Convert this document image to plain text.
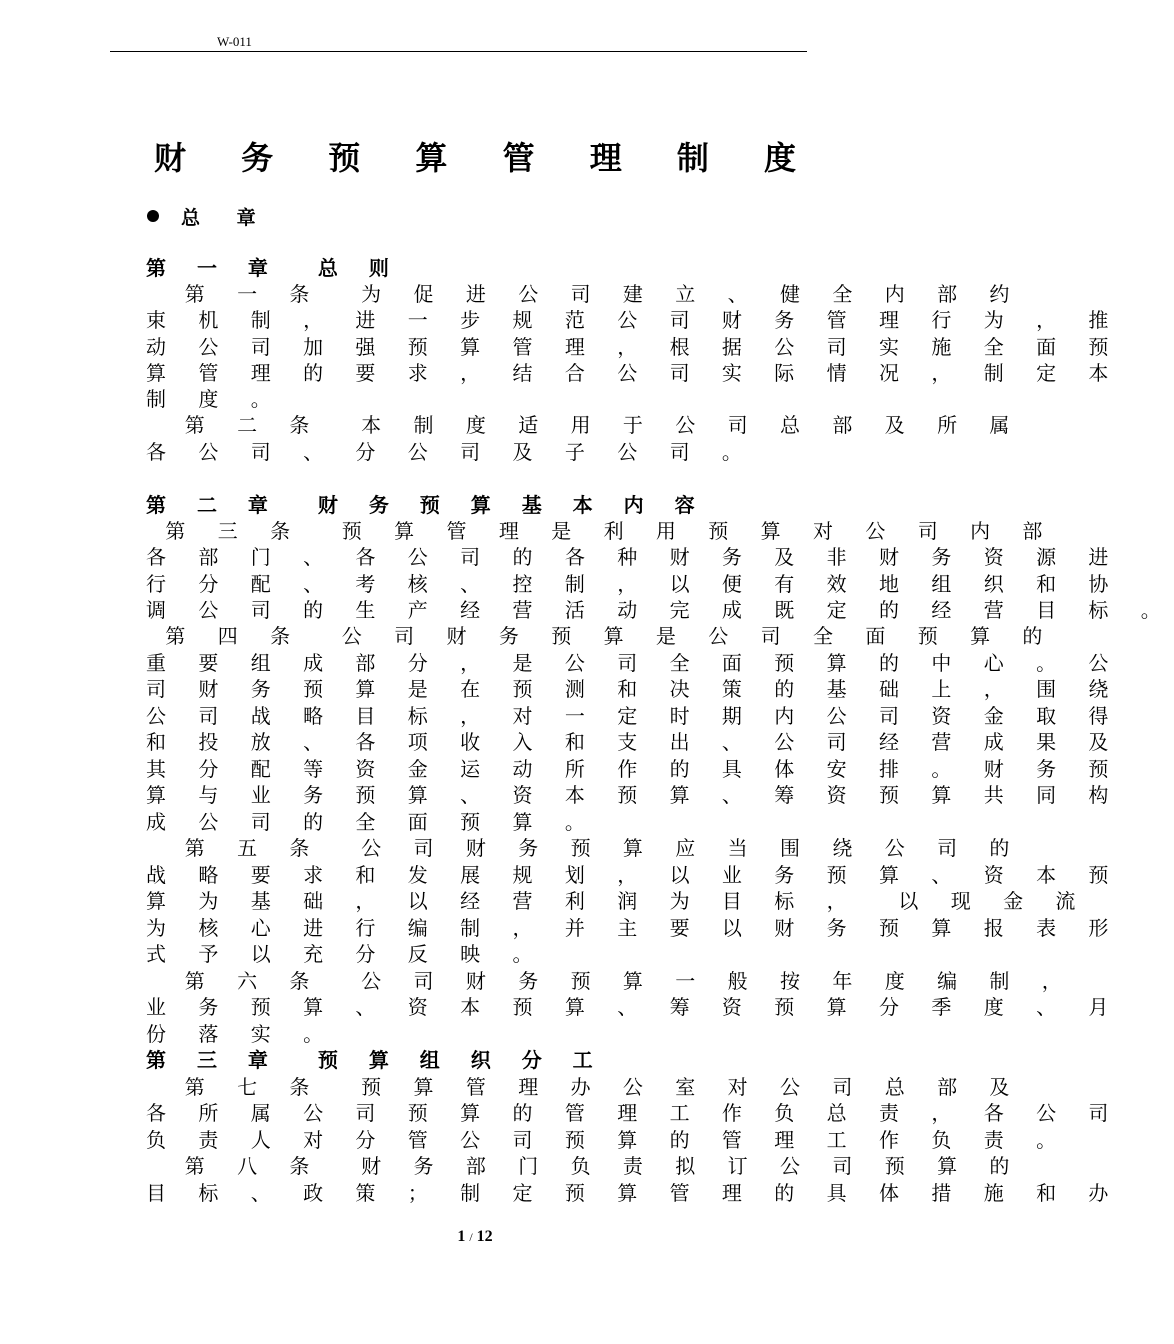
W-011
财 务 预 算 管 理 制 度
总 章
第 一 章  总 则
第 一 条  为 促 进 公 司 建 立 、 健 全 内 部 约
束 机 制 ， 进 一 步 规 范 公 司 财 务 管 理 行 为 ， 推
动 公 司 加 强 预 算 管 理 ， 根 据 公 司 实 施 全 面 预
算 管 理 的 要 求 ， 结 合 公 司 实 际 情 况 ， 制 定 本
制 度 。
第 二 条  本 制 度 适 用 于 公 司 总 部 及 所 属
各 公 司 、 分 公 司 及 子 公 司 。
第 二 章  财 务 预 算 基 本 内 容
第 三 条  预 算 管 理 是 利 用 预 算 对 公 司 内 部
各 部 门 、 各 公 司 的 各 种 财 务 及 非 财 务 资 源 进
行 分 配 、 考 核 、 控 制 ， 以 便 有 效 地 组 织 和 协
调 公 司 的 生 产 经 营 活 动 完 成 既 定 的 经 营 目 标 。
第 四 条  公 司 财 务 预 算 是 公 司 全 面 预 算 的
重 要 组 成 部 分 ， 是 公 司 全 面 预 算 的 中 心 。 公
司 财 务 预 算 是 在 预 测 和 决 策 的 基 础 上 ， 围 绕
公 司 战 略 目 标 ， 对 一 定 时 期 内 公 司 资 金 取 得
和 投 放 、 各 项 收 入 和 支 出 、 公 司 经 营 成 果 及
其 分 配 等 资 金 运 动 所 作 的 具 体 安 排 。 财 务 预
算 与 业 务 预 算 、 资 本 预 算 、 筹 资 预 算 共 同 构
成 公 司 的 全 面 预 算 。
第 五 条  公 司 财 务 预 算 应 当 围 绕 公 司 的
战 略 要 求 和 发 展 规 划 ， 以 业 务 预 算 、 资 本 预
算 为 基 础 ， 以 经 营 利 润 为 目 标 ，  以 现 金 流
为 核 心 进 行 编 制 ， 并 主 要 以 财 务 预 算 报 表 形
式 予 以 充 分 反 映 。
第 六 条  公 司 财 务 预 算 一 般 按 年 度 编 制 ，
业 务 预 算 、 资 本 预 算 、 筹 资 预 算 分 季 度 、 月
份 落 实 。
第 三 章  预 算 组 织 分 工
第 七 条  预 算 管 理 办 公 室 对 公 司 总 部 及
各 所 属 公 司 预 算 的 管 理 工 作 负 总 责 ， 各 公 司
负 责 人 对 分 管 公 司 预 算 的 管 理 工 作 负 责 。
第 八 条  财 务 部 门 负 责 拟 订 公 司 预 算 的
目 标 、 政 策 ； 制 定 预 算 管 理 的 具 体 措 施 和 办
1 / 12
